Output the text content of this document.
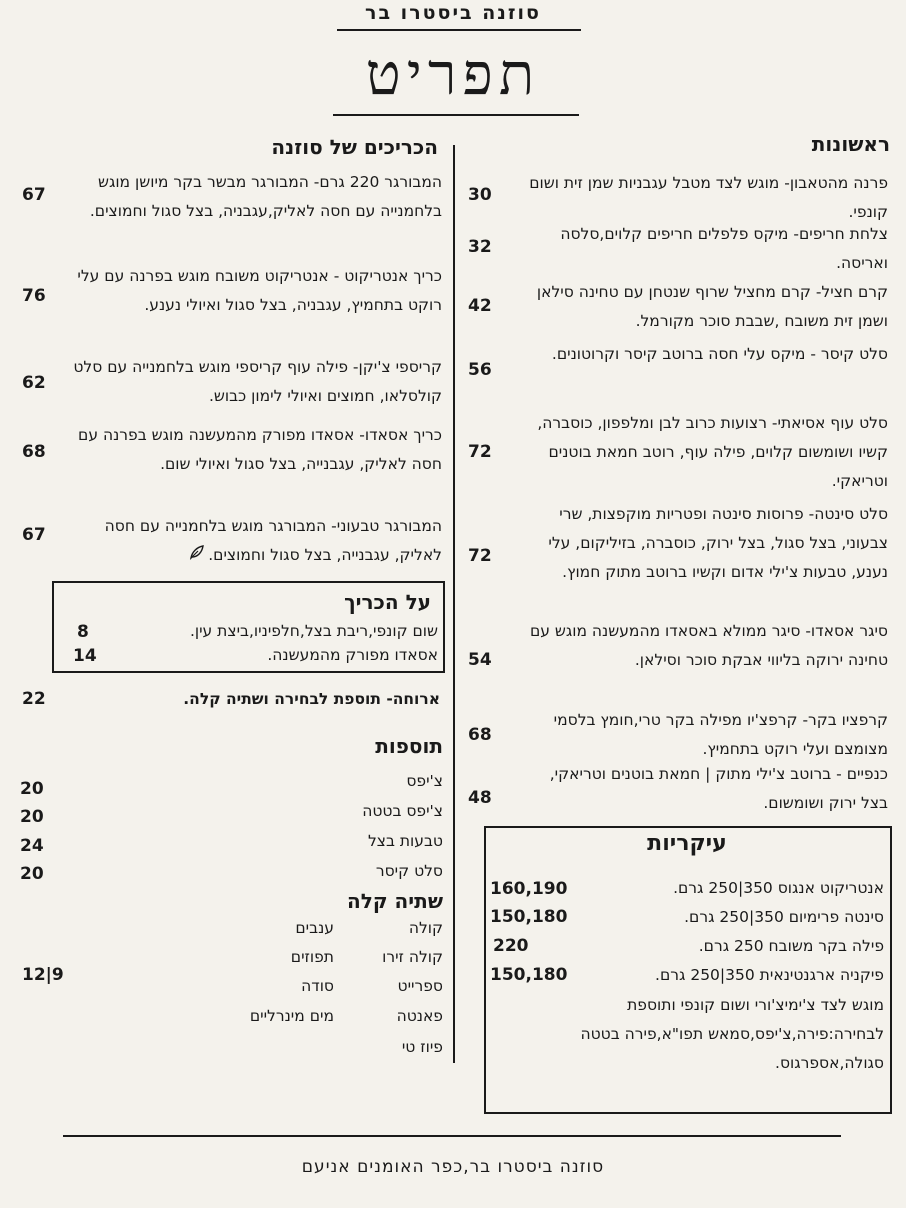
סוזנה ביסטרו בר
תפריט
ראשונות
פרנה מהטאבון- מוגש לצד מטבל עגבניות שמן זית ושום קונפי.
30
צלחת חריפים- מיקס פלפלים חריפים קלוים,סלסה ואריסה.
32
קרם חציל- קרם מחציל שרוף שנטחן עם טחינה סילאן ושמן זית משובח ,שבבת סוכר מקורמל.
42
סלט קיסר - מיקס עלי חסה ברוטב קיסר וקרוטונים.
56
סלט עוף אסיאתי- רצועות כרוב לבן ומלפפון, כוסברה, קשיו ושומשום קלוים, פילה עוף, רוטב חמאת בוטנים וטריאקי.
72
סלט סינטה- פרוסות סינטה ופטריות מוקפצות, שרי צבעוני, בצל סגול, בצל ירוק, כוסברה, בזיליקום, עלי נענע, טבעות צ'ילי אדום וקשיו ברוטב מתוק חמוץ.
72
סיגר אסאדו- סיגר ממולא באסאדו מהמעשנה מוגש עם טחינה ירוקה בליווי אבקת סוכר וסילאן.
54
קרפציו בקר- קרפצ'יו מפילה בקר טרי,חומץ בלסמי מצומצם ועלי רוקט בתחמיץ.
68
כנפיים - ברוטב צ'ילי מתוק | חמאת בוטנים וטריאקי, בצל ירוק ושומשום.
48
עיקריות
אנטריקוט אנגוס 350|250 גרם.
160,190
סינטה פרימיום 350|250 גרם.
150,180
פילה בקר משובח 250 גרם.
220
פיקניה ארגנטינאית 350|250 גרם.
150,180
מוגש לצד צ'ימיצ'ורי ושום קונפי ותוספת לבחירה:פירה,צ'יפס,סמאש תפו"א,פירה בטטה סגולה,אספרגוס.
הכריכים של סוזנה
המבורגר 220 גרם- המבורגר מבשר בקר מיושן מוגש בלחמנייה עם חסה לאליק,עגבניה, בצל סגול וחמוצים.
67
כריך אנטריקוט - אנטריקוט משובח מוגש בפרנה עם עלי רוקט בתחמיץ, עגבניה, בצל סגול ואיולי נענע.
76
קריספי צ'יקן- פילה עוף קריספי מוגש בלחמנייה עם סלט קולסלאו, חמוצים ואיולי לימון כבוש.
62
כריך אסאדו- אסאדו מפורק מהמעשנה מוגש בפרנה עם חסה לאליק, עגבנייה, בצל סגול ואיולי שום.
68
המבורגר טבעוני- המבורגר מוגש בלחמנייה עם חסה לאליק, עגבנייה, בצל סגול וחמוצים.
67
על הכריך
שום קונפי,ריבת בצל,חלפיניו,ביצת עין.
8
אסאדו מפורק מהמעשנה.
14
ארוחה- תוספת לבחירה ושתיה קלה.
22
תוספות
צ'יפס
20
צ'יפס בטטה
20
טבעות בצל
24
סלט קיסר
20
שתיה קלה
קולה
קולה זירו
ספרייט
פאנטה
פיוז טי
ענבים
תפוזים
סודה
מים מינרליים
12|9
סוזנה ביסטרו בר,כפר האומנים אניעם
